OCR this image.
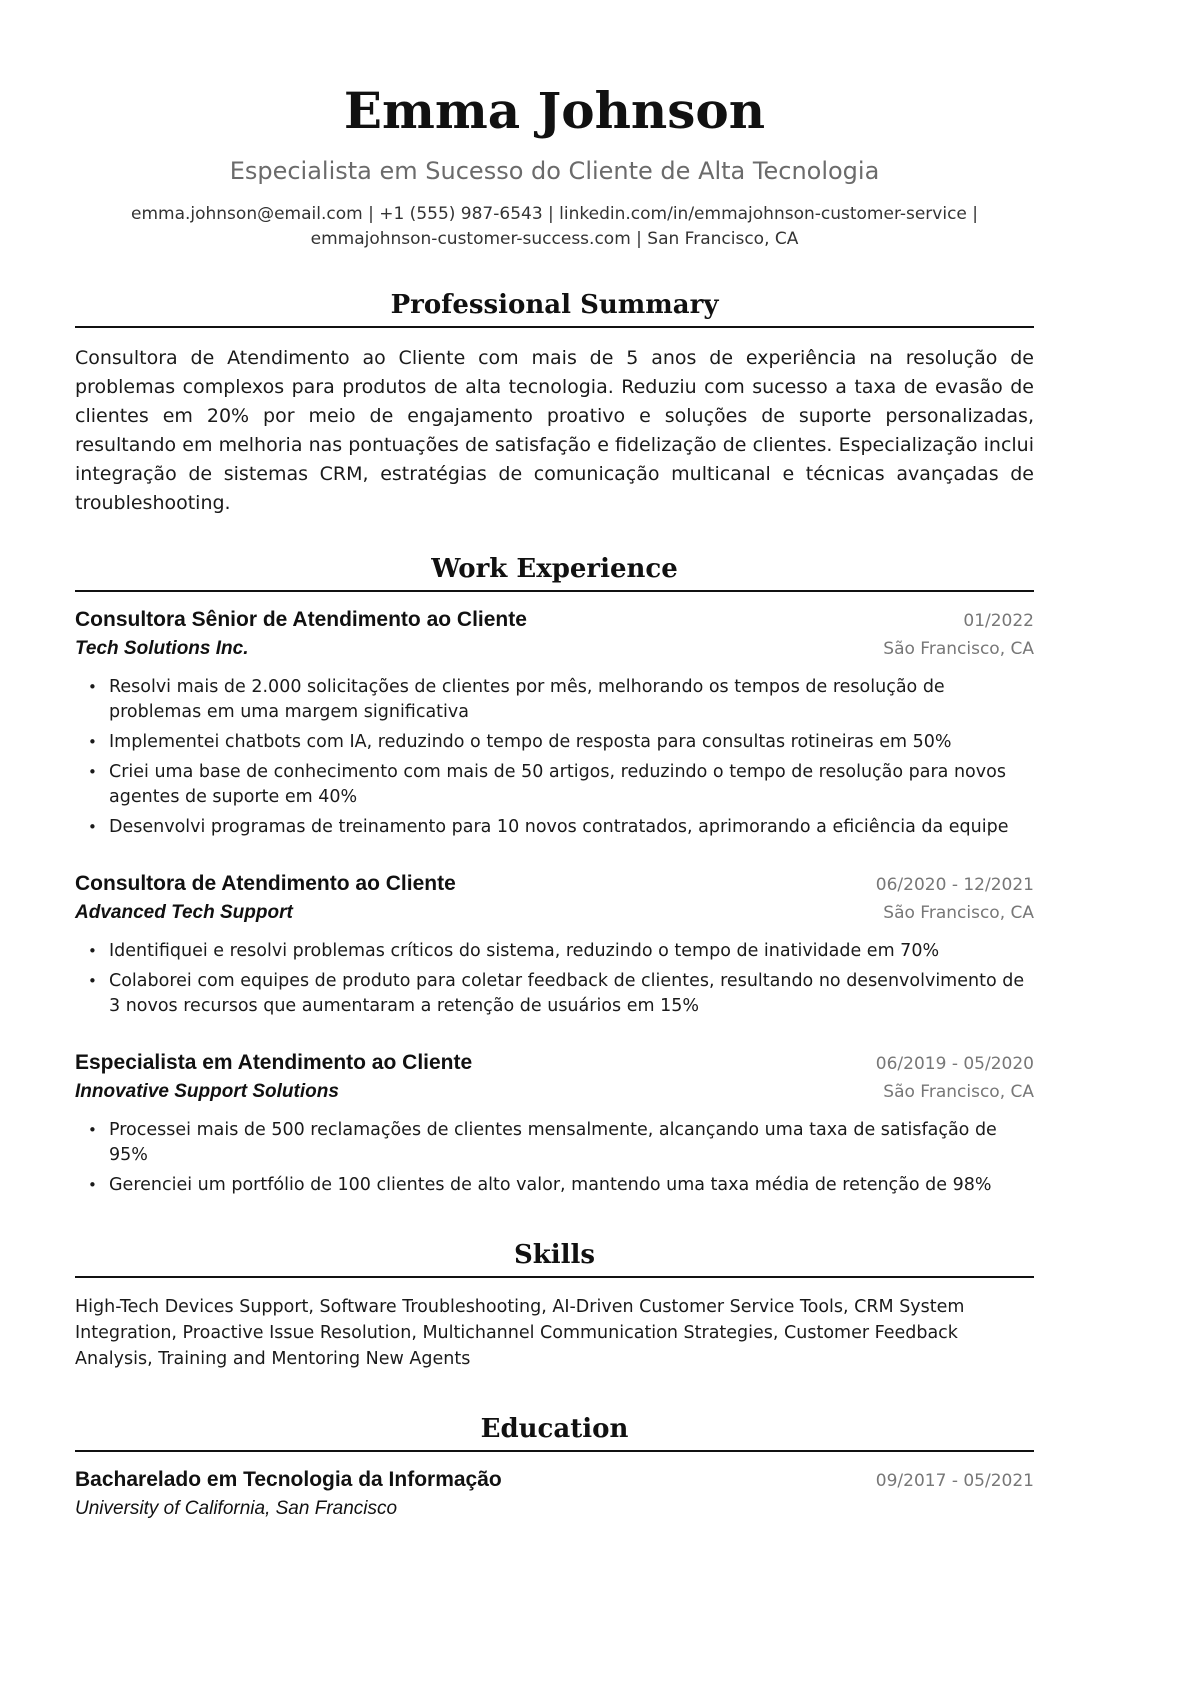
Emma Johnson
Especialista em Sucesso do Cliente de Alta Tecnologia
emma.johnson@email.com | +1 (555) 987-6543 | linkedin.com/in/emmajohnson-customer-service |
emmajohnson-customer-success.com | San Francisco, CA
Professional Summary
Consultora de Atendimento ao Cliente com mais de 5 anos de experiência na resolução de problemas complexos para produtos de alta tecnologia. Reduziu com sucesso a taxa de evasão de clientes em 20% por meio de engajamento proativo e soluções de suporte personalizadas, resultando em melhoria nas pontuações de satisfação e fidelização de clientes. Especialização inclui integração de sistemas CRM, estratégias de comunicação multicanal e técnicas avançadas de troubleshooting.
Work Experience
Consultora Sênior de Atendimento ao Cliente	01/2022
Tech Solutions Inc.	São Francisco, CA
• Resolvi mais de 2.000 solicitações de clientes por mês, melhorando os tempos de resolução de problemas em uma margem significativa
• Implementei chatbots com IA, reduzindo o tempo de resposta para consultas rotineiras em 50%
• Criei uma base de conhecimento com mais de 50 artigos, reduzindo o tempo de resolução para novos agentes de suporte em 40%
• Desenvolvi programas de treinamento para 10 novos contratados, aprimorando a eficiência da equipe
Consultora de Atendimento ao Cliente	06/2020 - 12/2021
Advanced Tech Support	São Francisco, CA
• Identifiquei e resolvi problemas críticos do sistema, reduzindo o tempo de inatividade em 70%
• Colaborei com equipes de produto para coletar feedback de clientes, resultando no desenvolvimento de 3 novos recursos que aumentaram a retenção de usuários em 15%
Especialista em Atendimento ao Cliente	06/2019 - 05/2020
Innovative Support Solutions	São Francisco, CA
• Processei mais de 500 reclamações de clientes mensalmente, alcançando uma taxa de satisfação de 95%
• Gerenciei um portfólio de 100 clientes de alto valor, mantendo uma taxa média de retenção de 98%
Skills
High-Tech Devices Support, Software Troubleshooting, AI-Driven Customer Service Tools, CRM System Integration, Proactive Issue Resolution, Multichannel Communication Strategies, Customer Feedback Analysis, Training and Mentoring New Agents
Education
Bacharelado em Tecnologia da Informação	09/2017 - 05/2021
University of California, San Francisco
